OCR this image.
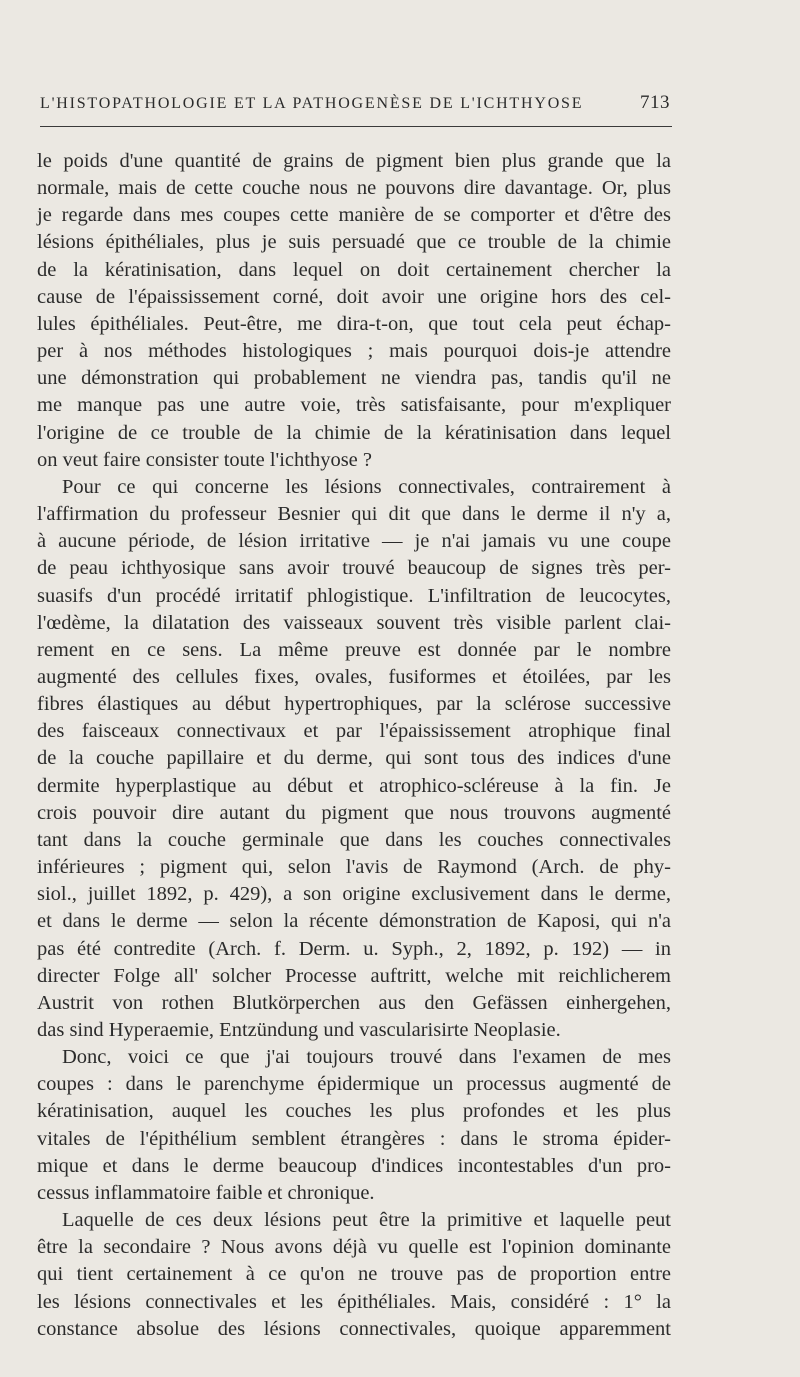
L'HISTOPATHOLOGIE ET LA PATHOGENÈSE DE L'ICHTHYOSE	713
le poids d'une quantité de grains de pigment bien plus grande que la
normale, mais de cette couche nous ne pouvons dire davantage. Or, plus
je regarde dans mes coupes cette manière de se comporter et d'être des
lésions épithéliales, plus je suis persuadé que ce trouble de la chimie
de la kératinisation, dans lequel on doit certainement chercher la
cause de l'épaississement corné, doit avoir une origine hors des cel-
lules épithéliales. Peut-être, me dira-t-on, que tout cela peut échap-
per à nos méthodes histologiques ; mais pourquoi dois-je attendre
une démonstration qui probablement ne viendra pas, tandis qu'il ne
me manque pas une autre voie, très satisfaisante, pour m'expliquer
l'origine de ce trouble de la chimie de la kératinisation dans lequel
on veut faire consister toute l'ichthyose ?
Pour ce qui concerne les lésions connectivales, contrairement à
l'affirmation du professeur Besnier qui dit que dans le derme il n'y a,
à aucune période, de lésion irritative — je n'ai jamais vu une coupe
de peau ichthyosique sans avoir trouvé beaucoup de signes très per-
suasifs d'un procédé irritatif phlogistique. L'infiltration de leucocytes,
l'œdème, la dilatation des vaisseaux souvent très visible parlent clai-
rement en ce sens. La même preuve est donnée par le nombre
augmenté des cellules fixes, ovales, fusiformes et étoilées, par les
fibres élastiques au début hypertrophiques, par la sclérose successive
des faisceaux connectivaux et par l'épaississement atrophique final
de la couche papillaire et du derme, qui sont tous des indices d'une
dermite hyperplastique au début et atrophico-scléreuse à la fin. Je
crois pouvoir dire autant du pigment que nous trouvons augmenté
tant dans la couche germinale que dans les couches connectivales
inférieures ; pigment qui, selon l'avis de Raymond (Arch. de phy-
siol., juillet 1892, p. 429), a son origine exclusivement dans le derme,
et dans le derme — selon la récente démonstration de Kaposi, qui n'a
pas été contredite (Arch. f. Derm. u. Syph., 2, 1892, p. 192) — in
directer Folge all' solcher Processe auftritt, welche mit reichlicherem
Austrit von rothen Blutkörperchen aus den Gefässen einhergehen,
das sind Hyperaemie, Entzündung und vascularisirte Neoplasie.
Donc, voici ce que j'ai toujours trouvé dans l'examen de mes
coupes : dans le parenchyme épidermique un processus augmenté de
kératinisation, auquel les couches les plus profondes et les plus
vitales de l'épithélium semblent étrangères : dans le stroma épider-
mique et dans le derme beaucoup d'indices incontestables d'un pro-
cessus inflammatoire faible et chronique.
Laquelle de ces deux lésions peut être la primitive et laquelle peut
être la secondaire ? Nous avons déjà vu quelle est l'opinion dominante
qui tient certainement à ce qu'on ne trouve pas de proportion entre
les lésions connectivales et les épithéliales. Mais, considéré : 1° la
constance absolue des lésions connectivales, quoique apparemment
